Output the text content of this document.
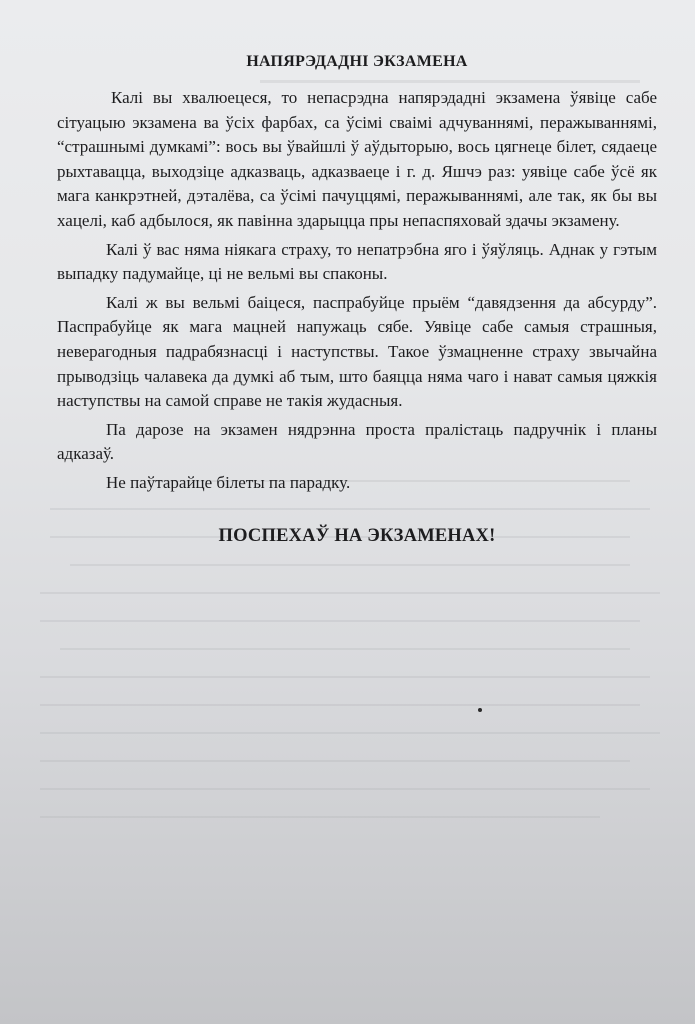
НАПЯРЭДАДНІ ЭКЗАМЕНА

Калі вы хвалюецеся, то непасрэдна напярэдадні экзамена ўявіце сабе сітуацыю экзамена ва ўсіх фарбах, са ўсімі сваімі адчуваннямі, перажываннямі, “страшнымі думкамі”: вось вы ўвайшлі ў аўдыторыю, вось цягнеце білет, сядаеце рыхтавацца, выходзіце адказваць, адказваеце і г. д. Яшчэ раз: уявіце сабе ўсё як мага канкрэтней, дэталёва, са ўсімі пачуццямі, перажываннямі, але так, як бы вы хацелі, каб адбылося, як павінна здарыцца пры непаспяховай здачы экзамену.

Калі ў вас няма ніякага страху, то непатрэбна яго і ўяўляць. Аднак у гэтым выпадку падумайце, ці не вельмі вы спаконы.

Калі ж вы вельмі баіцеся, паспрабуйце прыём “давядзення да абсурду”. Паспрабуйце як мага мацней напужаць сябе. Уявіце сабе самыя страшныя, неверагодныя падрабязнасці і наступствы. Такое ўзмацненне страху звычайна прыводзіць чалавека да думкі аб тым, што баяцца няма чаго і нават самыя цяжкія наступствы на самой справе не такія жудасныя.

Па дарозе на экзамен нядрэнна проста пралістаць падручнік і планы адказаў.

Не паўтарайце білеты па парадку.

ПОСПЕХАЎ НА ЭКЗАМЕНАХ!
